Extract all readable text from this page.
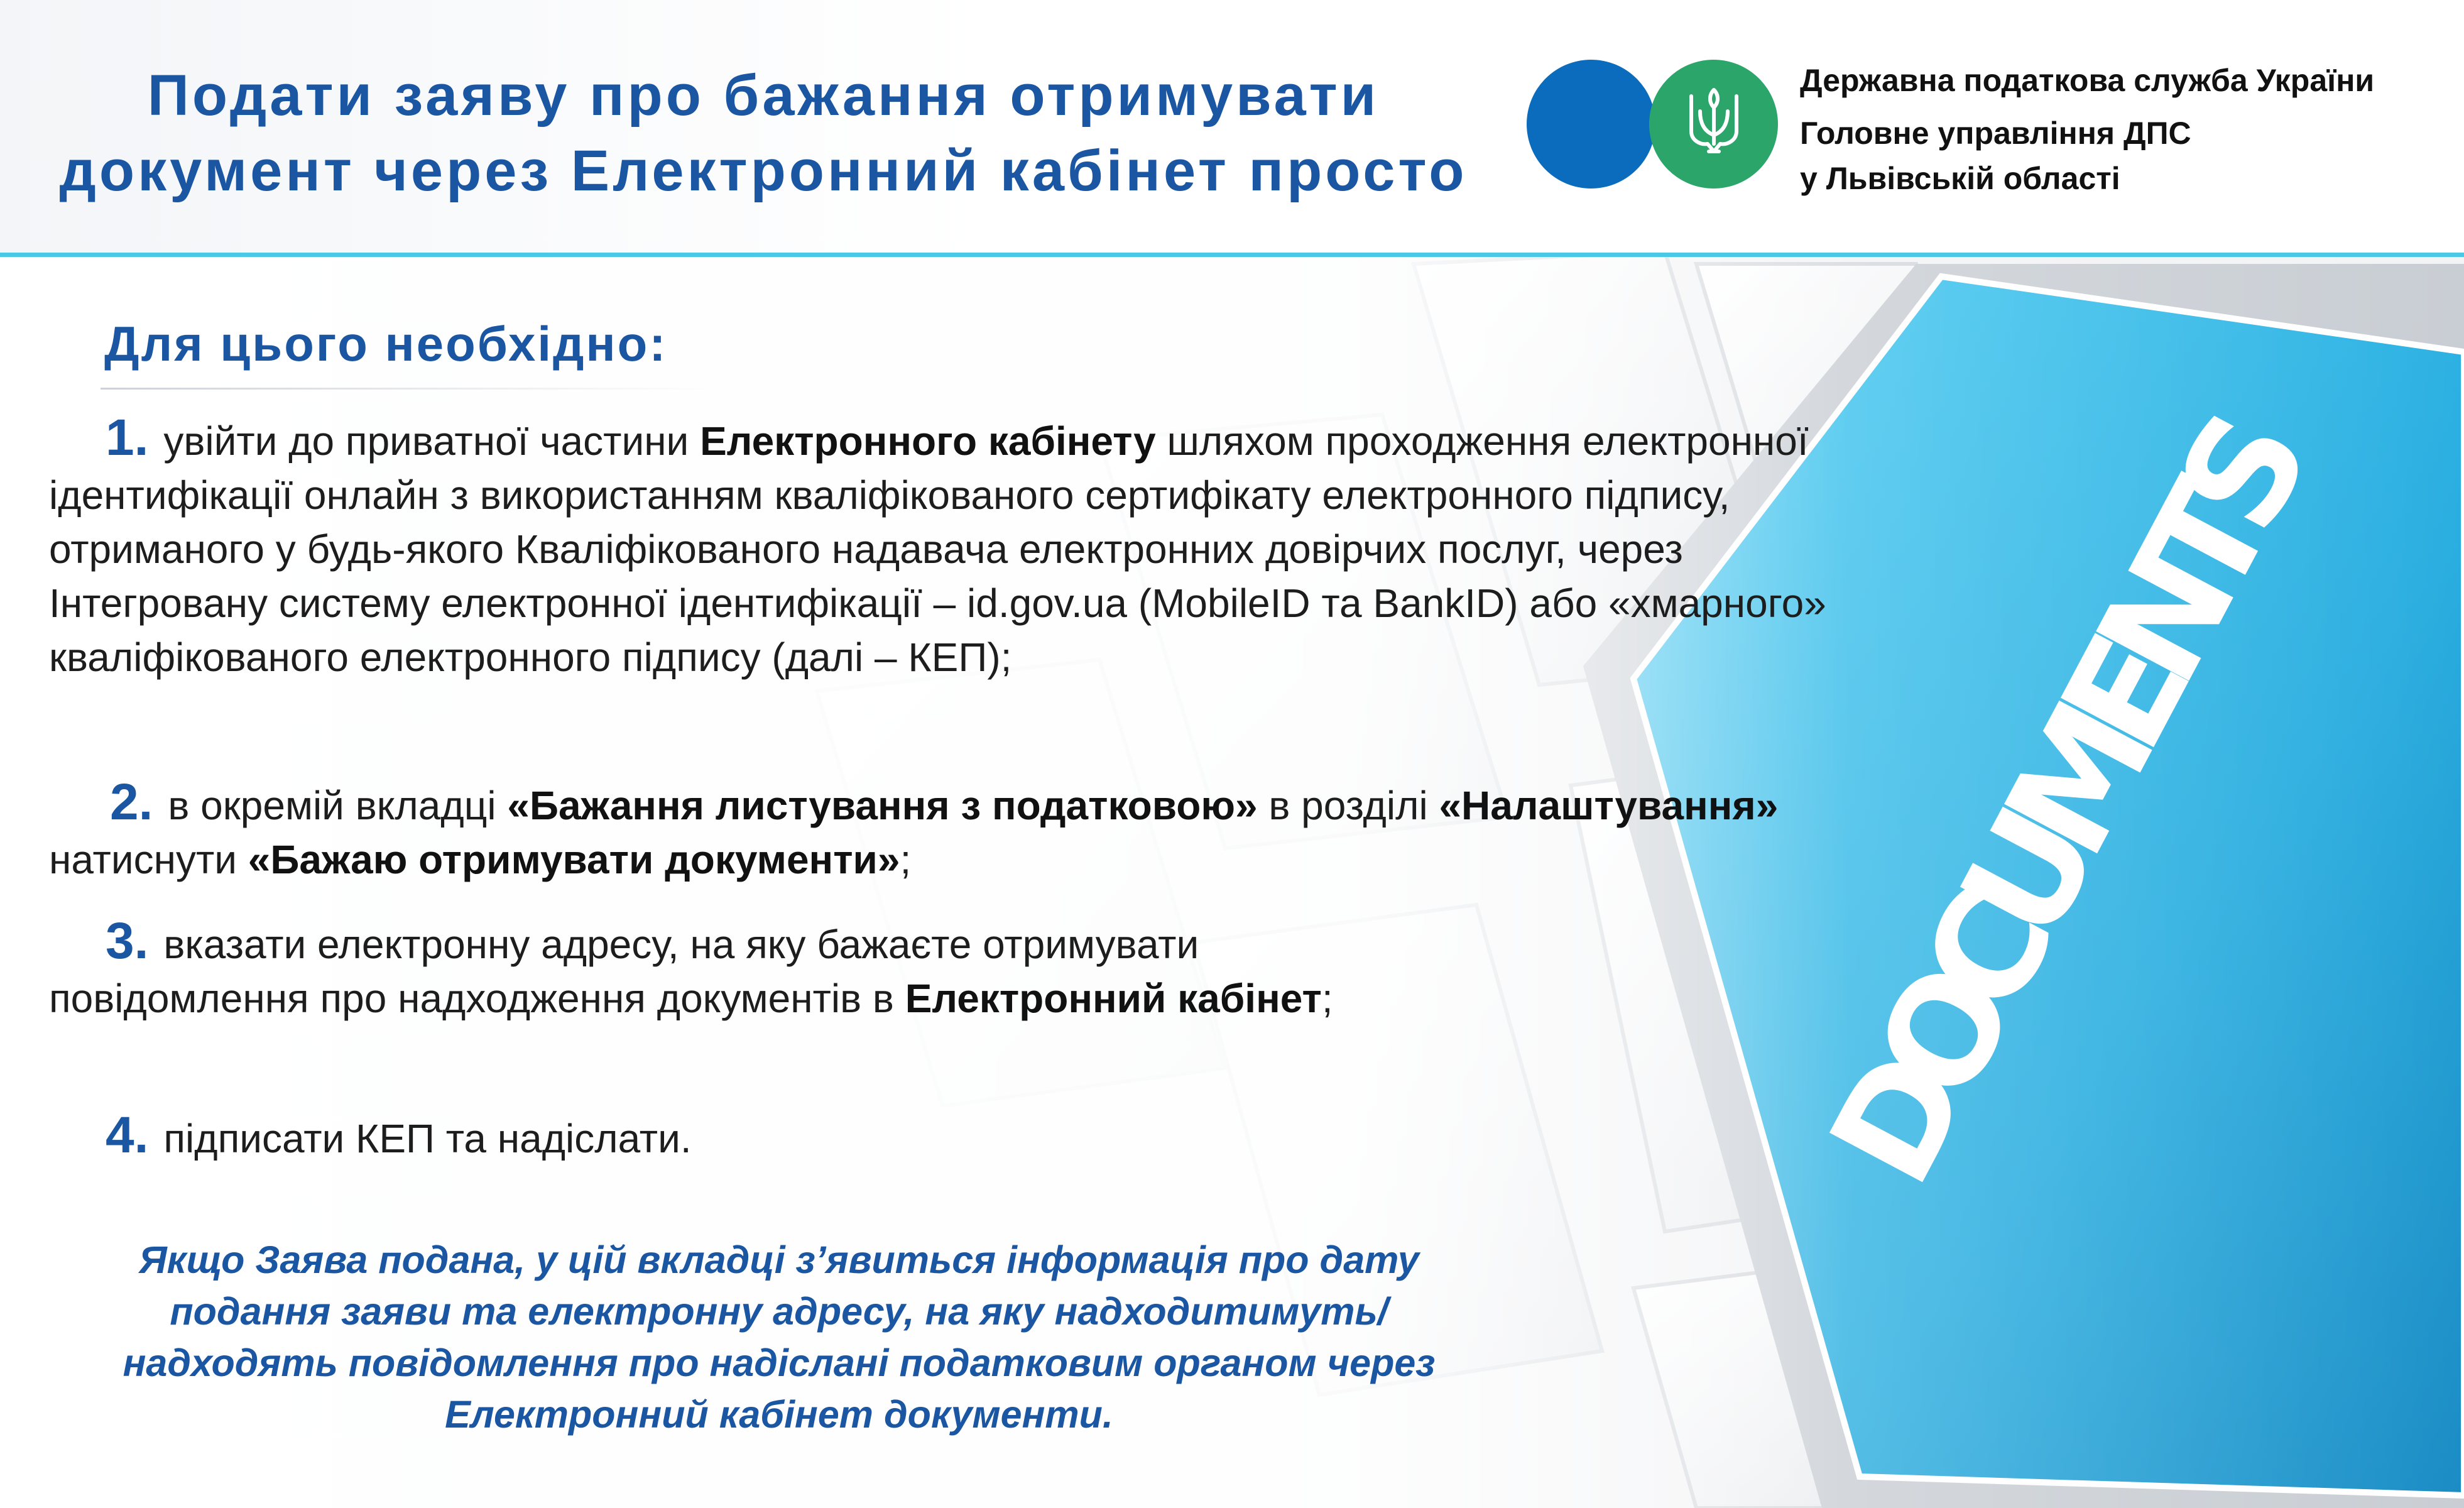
Подати заяву про бажання отримувати
документ через Електронний кабінет просто
Державна податкова служба України
Головне управління ДПС
у Львівській області
Для цього необхідно:
1. увійти до приватної частини Електронного кабінету шляхом проходження електронної ідентифікації онлайн з використанням кваліфікованого сертифікату електронного підпису, отриманого у будь-якого Кваліфікованого надавача електронних довірчих послуг, через Інтегровану систему електронної ідентифікації – id.gov.ua (MobileID та BankID) або «хмарного» кваліфікованого електронного підпису (далі – КЕП);
2. в окремій вкладці «Бажання листування з податковою» в розділі «Налаштування» натиснути «Бажаю отримувати документи»;
3. вказати електронну адресу, на яку бажаєте отримувати повідомлення про надходження документів в Електронний кабінет;
4. підписати КЕП та надіслати.
Якщо Заява подана, у цій вкладці з’явиться інформація про дату подання заяви та електронну адресу, на яку надходитимуть/надходять повідомлення про надіслані податковим органом через Електронний кабінет документи.
